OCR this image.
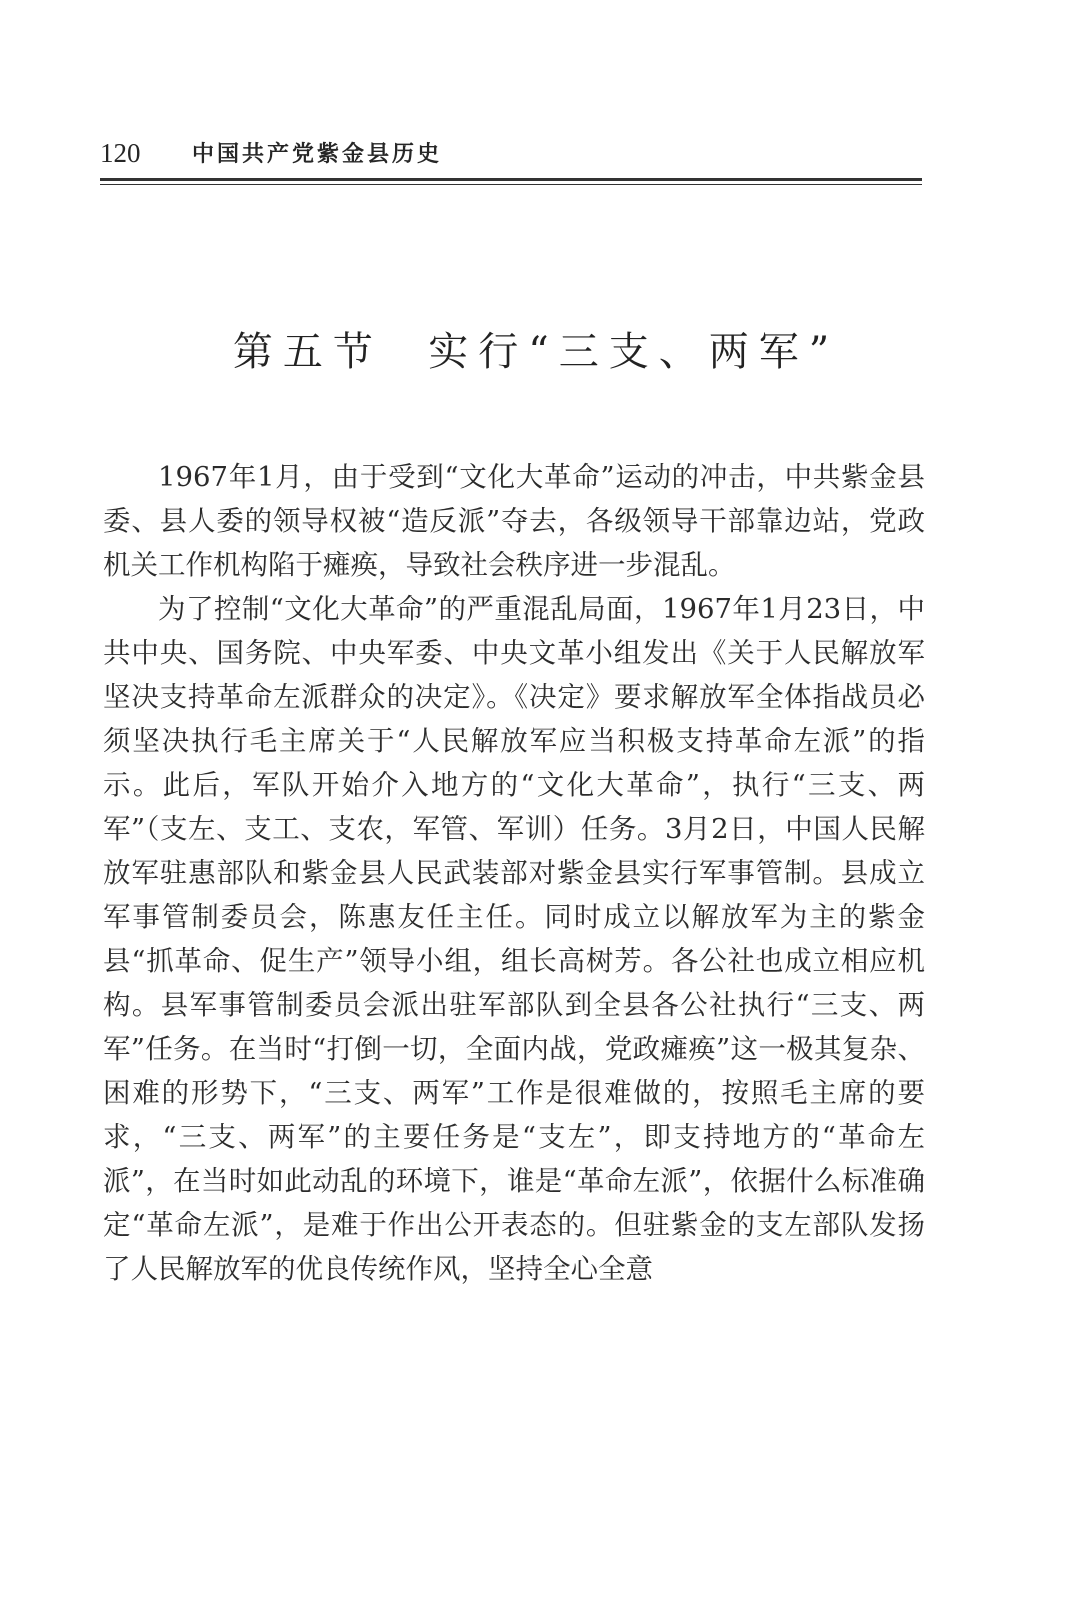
120 中国共产党紫金县历史
第五节  实行“三支、两军”

1967年1月，由于受到“文化大革命”运动的冲击，中共紫金县委、县人委的领导权被“造反派”夺去，各级领导干部靠边站，党政机关工作机构陷于瘫痪，导致社会秩序进一步混乱。

为了控制“文化大革命”的严重混乱局面，1967年1月23日，中共中央、国务院、中央军委、中央文革小组发出《关于人民解放军坚决支持革命左派群众的决定》。《决定》要求解放军全体指战员必须坚决执行毛主席关于“人民解放军应当积极支持革命左派”的指示。此后，军队开始介入地方的“文化大革命”，执行“三支、两军”（支左、支工、支农，军管、军训）任务。3月2日，中国人民解放军驻惠部队和紫金县人民武装部对紫金县实行军事管制。县成立军事管制委员会，陈惠友任主任。同时成立以解放军为主的紫金县“抓革命、促生产”领导小组，组长高树芳。各公社也成立相应机构。县军事管制委员会派出驻军部队到全县各公社执行“三支、两军”任务。在当时“打倒一切，全面内战，党政瘫痪”这一极其复杂、困难的形势下，“三支、两军”工作是很难做的，按照毛主席的要求，“三支、两军”的主要任务是“支左”，即支持地方的“革命左派”，在当时如此动乱的环境下，谁是“革命左派”，依据什么标准确定“革命左派”，是难于作出公开表态的。但驻紫金的支左部队发扬了人民解放军的优良传统作风，坚持全心全意
